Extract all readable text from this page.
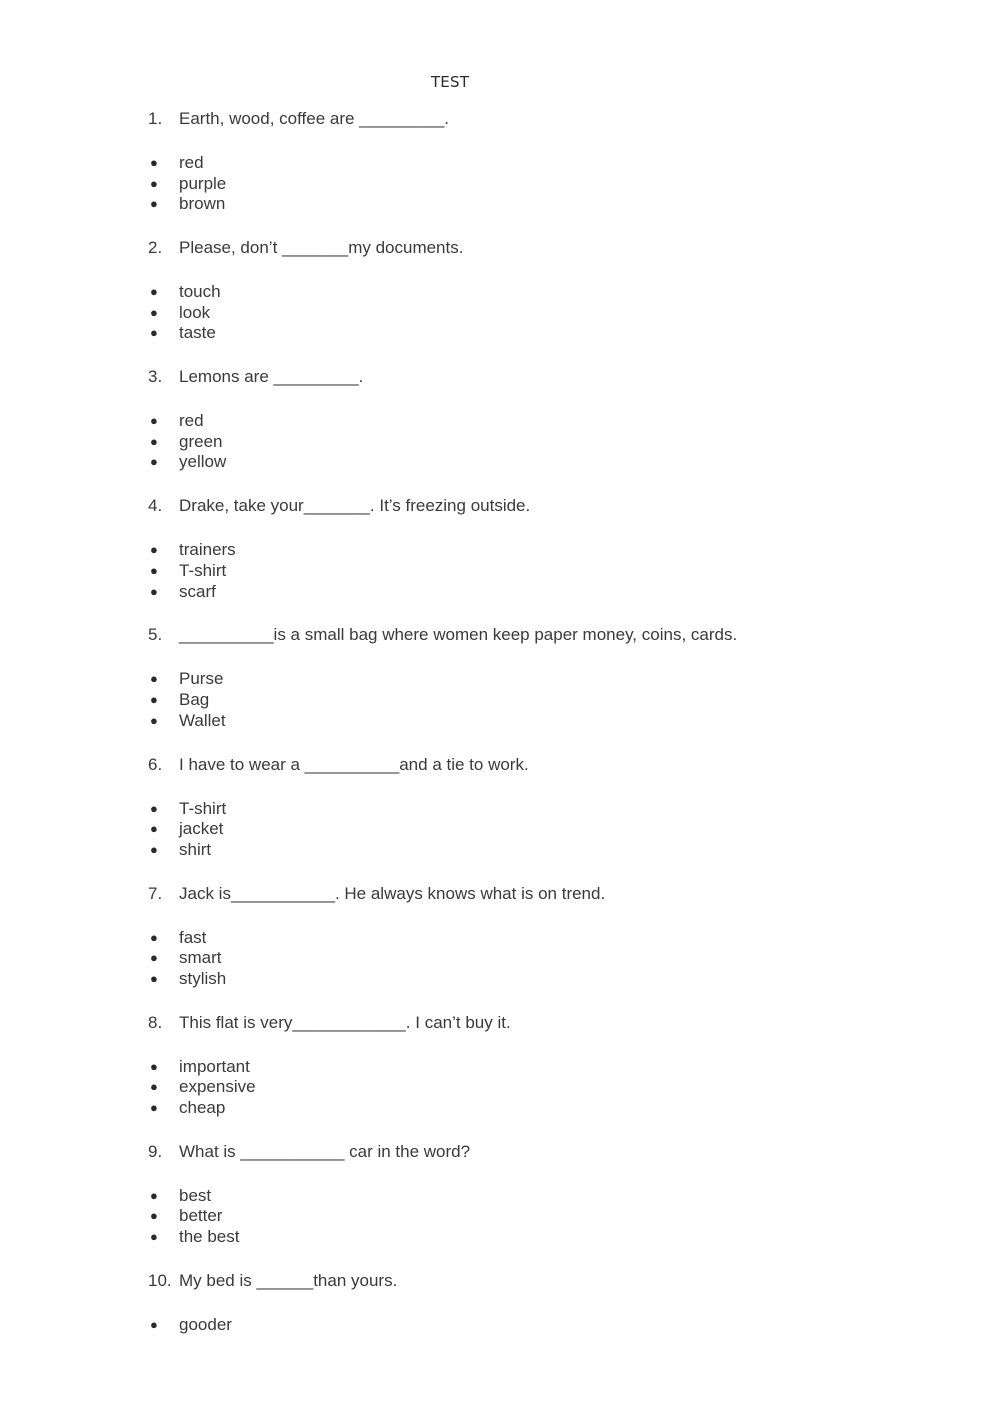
TEST
1. Earth, wood, coffee are _________.
● red
● purple
● brown
2. Please, don’t _______my documents.
● touch
● look
● taste
3. Lemons are _________.
● red
● green
● yellow
4. Drake, take your_______. It’s freezing outside.
● trainers
● T-shirt
● scarf
5. __________is a small bag where women keep paper money, coins, cards.
● Purse
● Bag
● Wallet
6. I have to wear a __________and a tie to work.
● T-shirt
● jacket
● shirt
7. Jack is___________. He always knows what is on trend.
● fast
● smart
● stylish
8. This flat is very____________. I can’t buy it.
● important
● expensive
● cheap
9. What is ___________ car in the word?
● best
● better
● the best
10. My bed is ______than yours.
● gooder
